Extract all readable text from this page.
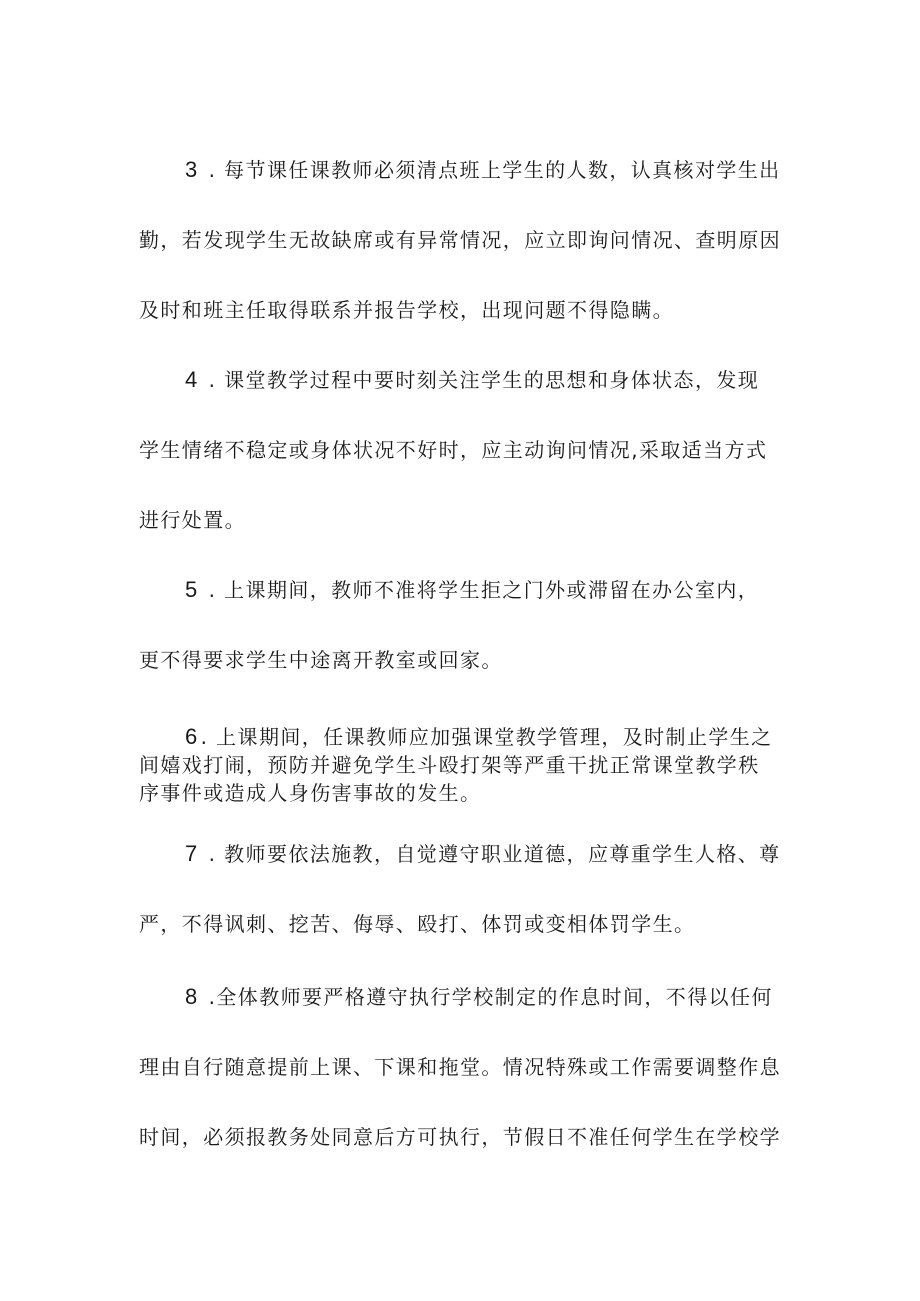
3 . 每节课任课教师必须清点班上学生的人数，认真核对学生出
勤，若发现学生无故缺席或有异常情况，应立即询问情况、查明原因
及时和班主任取得联系并报告学校，出现问题不得隐瞒。
4 . 课堂教学过程中要时刻关注学生的思想和身体状态，发现
学生情绪不稳定或身体状况不好时，应主动询问情况,采取适当方式
进行处置。
5 . 上课期间，教师不准将学生拒之门外或滞留在办公室内，
更不得要求学生中途离开教室或回家。
6 . 上课期间，任课教师应加强课堂教学管理，及时制止学生之
间嬉戏打闹，预防并避免学生斗殴打架等严重干扰正常课堂教学秩
序事件或造成人身伤害事故的发生。
7 . 教师要依法施教，自觉遵守职业道德，应尊重学生人格、尊
严，不得讽刺、挖苦、侮辱、殴打、体罚或变相体罚学生。
8 .全体教师要严格遵守执行学校制定的作息时间，不得以任何
理由自行随意提前上课、下课和拖堂。情况特殊或工作需要调整作息
时间，必须报教务处同意后方可执行，节假日不准任何学生在学校学
